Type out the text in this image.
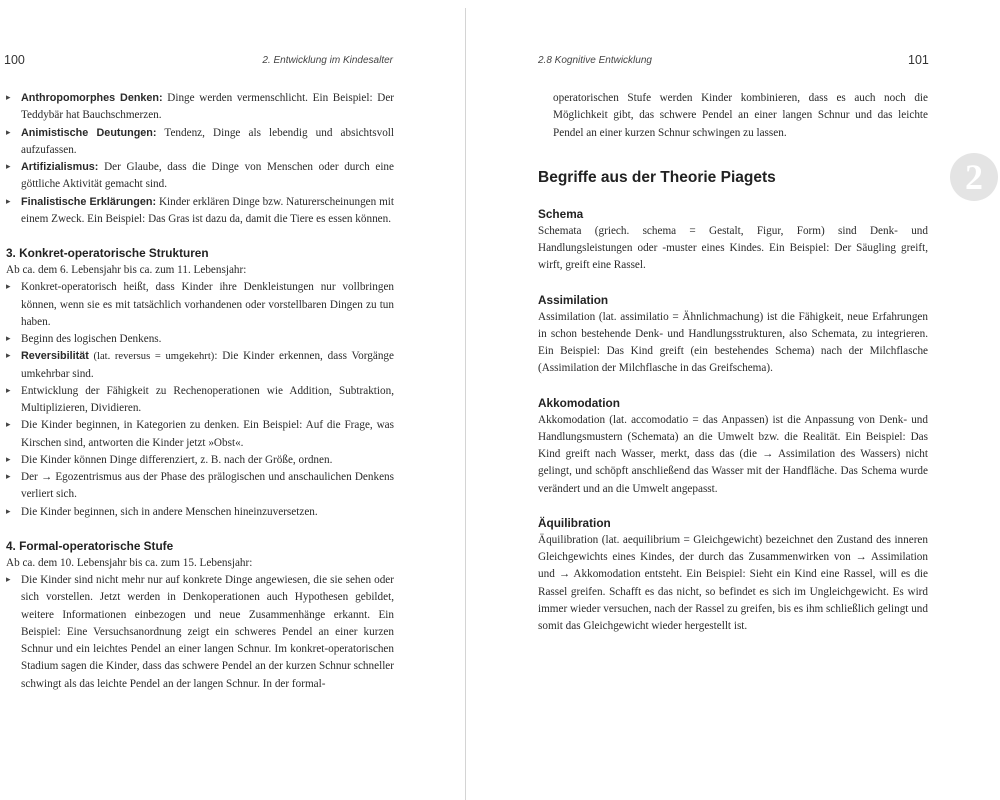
100	2. Entwicklung im Kindesalter
▸ Anthropomorphes Denken: Dinge werden vermenschlicht. Ein Beispiel: Der Teddybär hat Bauchschmerzen.
▸ Animistische Deutungen: Tendenz, Dinge als lebendig und absichtsvoll aufzufassen.
▸ Artifizialismus: Der Glaube, dass die Dinge von Menschen oder durch eine göttliche Aktivität gemacht sind.
▸ Finalistische Erklärungen: Kinder erklären Dinge bzw. Naturerscheinungen mit einem Zweck. Ein Beispiel: Das Gras ist dazu da, damit die Tiere es essen können.
3. Konkret-operatorische Strukturen

Ab ca. dem 6. Lebensjahr bis ca. zum 11. Lebensjahr:

▸ Konkret-operatorisch heißt, dass Kinder ihre Denkleistungen nur vollbringen können, wenn sie es mit tatsächlich vorhandenen oder vorstellbaren Dingen zu tun haben.
▸ Beginn des logischen Denkens.
▸ Reversibilität (lat. reversus = umgekehrt): Die Kinder erkennen, dass Vorgänge umkehrbar sind.
▸ Entwicklung der Fähigkeit zu Rechenoperationen wie Addition, Subtraktion, Multiplizieren, Dividieren.
▸ Die Kinder beginnen, in Kategorien zu denken. Ein Beispiel: Auf die Frage, was Kirschen sind, antworten die Kinder jetzt »Obst«.
▸ Die Kinder können Dinge differenziert, z. B. nach der Größe, ordnen.
▸ Der → Egozentrismus aus der Phase des prälogischen und anschaulichen Denkens verliert sich.
▸ Die Kinder beginnen, sich in andere Menschen hineinzuversetzen.
4. Formal-operatorische Stufe

Ab ca. dem 10. Lebensjahr bis ca. zum 15. Lebensjahr:

▸ Die Kinder sind nicht mehr nur auf konkrete Dinge angewiesen, die sie sehen oder sich vorstellen. Jetzt werden in Denkoperationen auch Hypothesen gebildet, weitere Informationen einbezogen und neue Zusammenhänge erkannt. Ein Beispiel: Eine Versuchsanordnung zeigt ein schweres Pendel an einer kurzen Schnur und ein leichtes Pendel an einer langen Schnur. Im konkret-operatorischen Stadium sagen die Kinder, dass das schwere Pendel an der kurzen Schnur schneller schwingt als das leichte Pendel an der langen Schnur. In der formal-
2.8 Kognitive Entwicklung	101

operatorischen Stufe werden Kinder kombinieren, dass es auch noch die Möglichkeit gibt, das schwere Pendel an einer langen Schnur und das leichte Pendel an einer kurzen Schnur schwingen zu lassen.

Begriffe aus der Theorie Piagets
Schema

Schemata (griech. schema = Gestalt, Figur, Form) sind Denk- und Handlungsleistungen oder -muster eines Kindes. Ein Beispiel: Der Säugling greift, wirft, greift eine Rassel.

Assimilation

Assimilation (lat. assimilatio = Ähnlichmachung) ist die Fähigkeit, neue Erfahrungen in schon bestehende Denk- und Handlungsstrukturen, also Schemata, zu integrieren. Ein Beispiel: Das Kind greift (ein bestehendes Schema) nach der Milchflasche (Assimilation der Milchflasche in das Greifschema).

Akkomodation

Akkomodation (lat. accomodatio = das Anpassen) ist die Anpassung von Denk- und Handlungsmustern (Schemata) an die Umwelt bzw. die Realität. Ein Beispiel: Das Kind greift nach Wasser, merkt, dass das (die → Assimilation des Wassers) nicht gelingt, und schöpft anschließend das Wasser mit der Handfläche. Das Schema wurde verändert und an die Umwelt angepasst.

Äquilibration

Äquilibration (lat. aequilibrium = Gleichgewicht) bezeichnet den Zustand des inneren Gleichgewichts eines Kindes, der durch das Zusammenwirken von → Assimilation und → Akkomodation entsteht. Ein Beispiel: Sieht ein Kind eine Rassel, will es die Rassel greifen. Schafft es das nicht, so befindet es sich im Ungleichgewicht. Es wird immer wieder versuchen, nach der Rassel zu greifen, bis es ihm schließlich gelingt und somit das Gleichgewicht wieder hergestellt ist.

2
